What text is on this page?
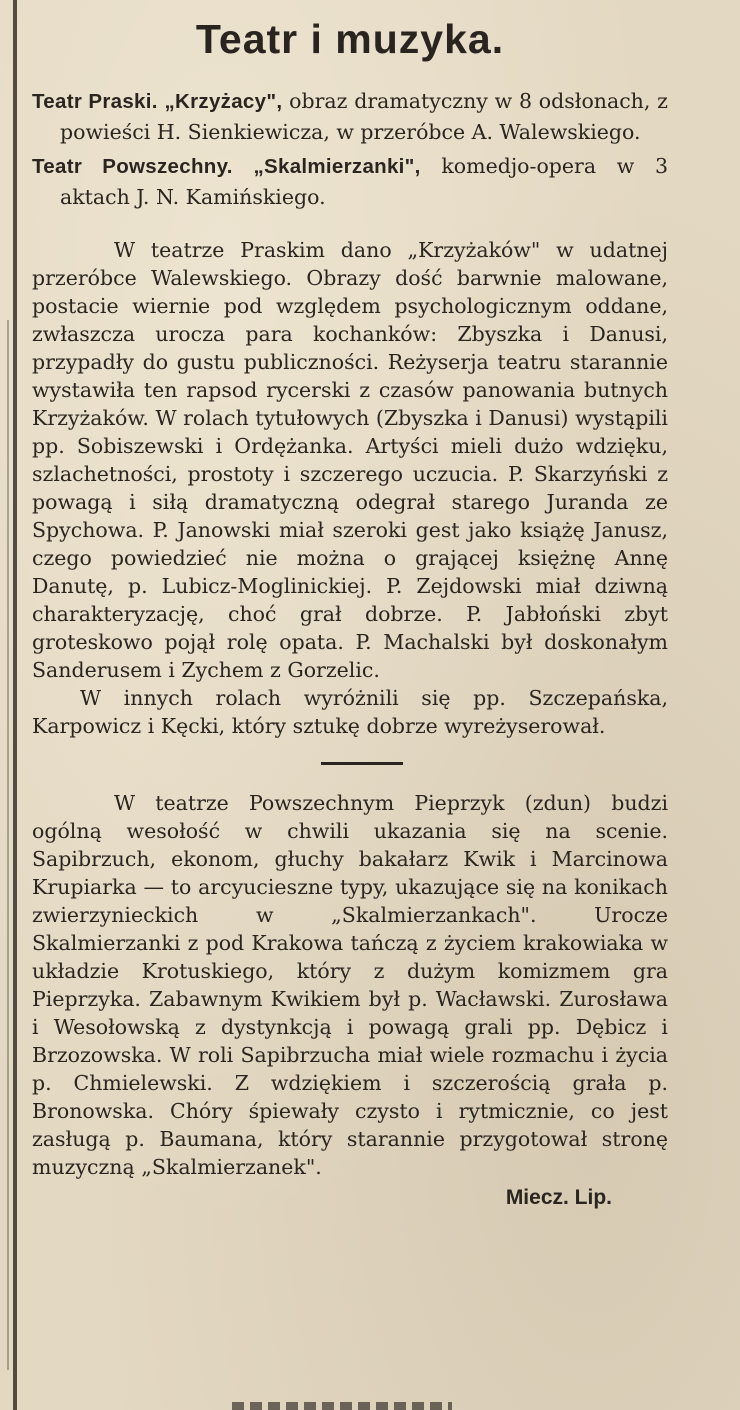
Teatr i muzyka.

Teatr Praski. „Krzyżacy", obraz dramatyczny w 8 odsłonach, z powieści H. Sienkiewicza, w przeróbce A. Walewskiego.

Teatr Powszechny. „Skalmierzanki", komedjo-opera w 3 aktach J. N. Kamińskiego.

W teatrze Praskim dano „Krzyżaków" w udatnej przeróbce Walewskiego. Obrazy dość barwnie malowane, postacie wiernie pod względem psychologicznym oddane, zwłaszcza urocza para kochanków: Zbyszka i Danusi, przypadły do gustu publiczności. Reżyserja teatru starannie wystawiła ten rapsod rycerski z czasów panowania butnych Krzyżaków. W rolach tytułowych (Zbyszka i Danusi) wystąpili pp. Sobiszewski i Ordężanka. Artyści mieli dużo wdzięku, szlachetności, prostoty i szczerego uczucia. P. Skarzyński z powagą i siłą dramatyczną odegrał starego Juranda ze Spychowa. P. Janowski miał szeroki gest jako książę Janusz, czego powiedzieć nie można o grającej księżnę Annę Danutę, p. Lubicz-Moglinickiej. P. Zejdowski miał dziwną charakteryzację, choć grał dobrze. P. Jabłoński zbyt groteskowo pojął rolę opata. P. Machalski był doskonałym Sanderusem i Zychem z Gorzelic.

W innych rolach wyróżnili się pp. Szczepańska, Karpowicz i Kęcki, który sztukę dobrze wyreżyserował.

W teatrze Powszechnym Pieprzyk (zdun) budzi ogólną wesołość w chwili ukazania się na scenie. Sapibrzuch, ekonom, głuchy bakałarz Kwik i Marcinowa Krupiarka — to arcyucieszne typy, ukazujące się na konikach zwierzynieckich w „Skalmierzankach". Urocze Skalmierzanki z pod Krakowa tańczą z życiem krakowiaka w układzie Krotuskiego, który z dużym komizmem gra Pieprzyka. Zabawnym Kwikiem był p. Wacławski. Zurosława i Wesołowską z dystynkcją i powagą grali pp. Dębicz i Brzozowska. W roli Sapibrzucha miał wiele rozmachu i życia p. Chmielewski. Z wdziękiem i szczerością grała p. Bronowska. Chóry śpiewały czysto i rytmicznie, co jest zasługą p. Baumana, który starannie przygotował stronę muzyczną „Skalmierzanek".

Miecz. Lip.
